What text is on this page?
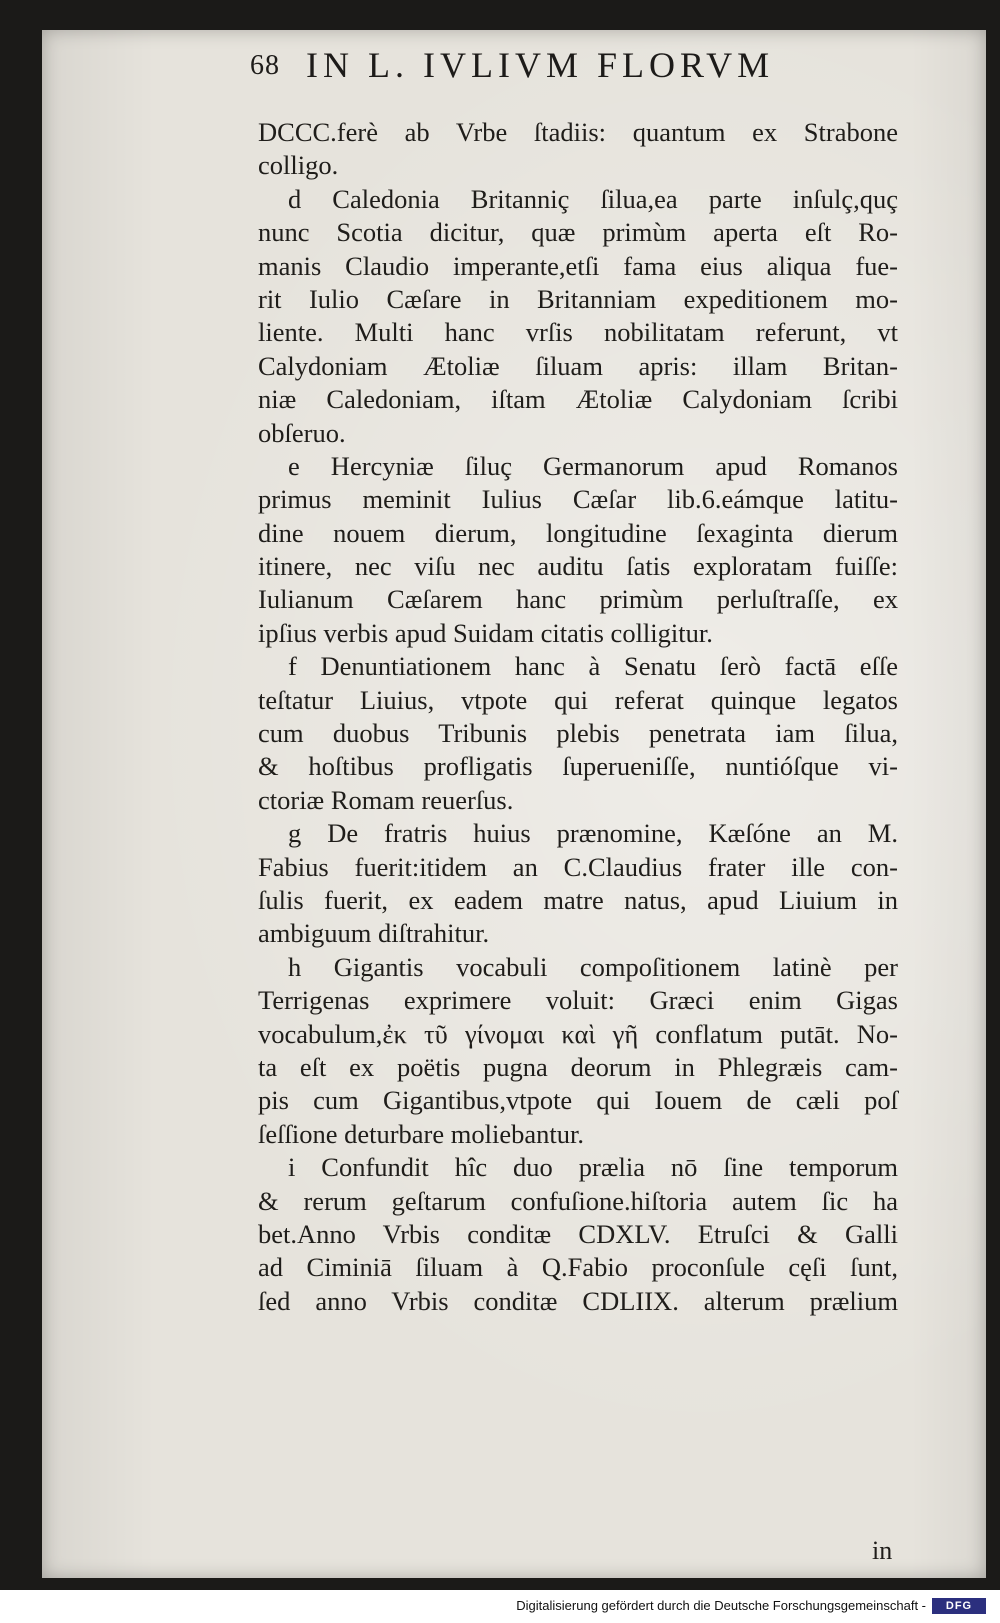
68 IN L. IVLIVM FLORVM
DCCC.ferè ab Vrbe ſtadiis: quantum ex Strabone
colligo.
d Caledonia Britanniç ſilua,ea parte inſulç,quç
nunc Scotia dicitur, quæ primùm aperta eſt Ro-
manis Claudio imperante,etſi fama eius aliqua fue-
rit Iulio Cæſare in Britanniam expeditionem mo-
liente. Multi hanc vrſis nobilitatam referunt, vt
Calydoniam Ætoliæ ſiluam apris: illam Britan-
niæ Caledoniam, iſtam Ætoliæ Calydoniam ſcribi
obſeruo.
e Hercyniæ ſiluç Germanorum apud Romanos
primus meminit Iulius Cæſar lib.6.eámque latitu-
dine nouem dierum, longitudine ſexaginta dierum
itinere, nec viſu nec auditu ſatis exploratam fuiſſe:
Iulianum Cæſarem hanc primùm perluſtraſſe, ex
ipſius verbis apud Suidam citatis colligitur.
f Denuntiationem hanc à Senatu ſerò factā eſſe
teſtatur Liuius, vtpote qui referat quinque legatos
cum duobus Tribunis plebis penetrata iam ſilua,
& hoſtibus profligatis ſuperueniſſe, nuntióſque vi-
ctoriæ Romam reuerſus.
g De fratris huius prænomine, Kæſóne an M.
Fabius fuerit:itidem an C.Claudius frater ille con-
ſulis fuerit, ex eadem matre natus, apud Liuium in
ambiguum diſtrahitur.
h Gigantis vocabuli compoſitionem latinè per
Terrigenas exprimere voluit: Græci enim Gigas
vocabulum,ἐκ τῦ γίνομαι καὶ γῆ conflatum putāt. No-
ta eſt ex poëtis pugna deorum in Phlegræis cam-
pis cum Gigantibus,vtpote qui Iouem de cæli poſ
ſeſſione deturbare moliebantur.
i Confundit hîc duo prælia nō ſine temporum
& rerum geſtarum confuſione.hiſtoria autem ſic ha
bet.Anno Vrbis conditæ CDXLV. Etruſci & Galli
ad Ciminiā ſiluam à Q.Fabio proconſule cęſi ſunt,
ſed anno Vrbis conditæ CDLIIX. alterum prælium
in
Digitalisierung gefördert durch die Deutsche Forschungsgemeinschaft -	DFG
